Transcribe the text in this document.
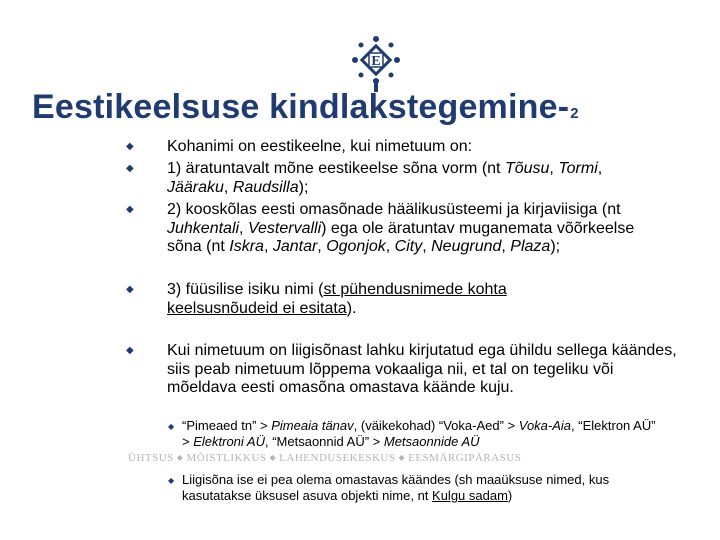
E
Eestikeelsuse kindlakstegemine-2
◆ Kohanimi on eestikeelne, kui nimetuum on:
◆ 1) äratuntavalt mõne eestikeelse sõna vorm (nt Tõusu, Tormi, Jääraku, Raudsilla);
◆ 2) kooskõlas eesti omasõnade häälikusüsteemi ja kirjaviisiga (nt Juhkentali, Vestervalli) ega ole äratuntav muganemata võõrkeelse sõna (nt Iskra, Jantar, Ogonjok, City, Neugrund, Plaza);
◆ 3) füüsilise isiku nimi (st pühendusnimede kohta keelsusnõudeid ei esitata).
◆ Kui nimetuum on liigisõnast lahku kirjutatud ega ühildu sellega käändes, siis peab nimetuum lõppema vokaaliga nii, et tal on tegeliku või mõeldava eesti omasõna omastava käände kuju.
ÜHTSUS ◆ MÕISTLIKKUS ◆ LAHENDUSEKESKUS ◆ EESMÄRGIPÄRASUS
◆ “Pimeaed tn” > Pimeaia tänav, (väikekohad) “Voka-Aed” > Voka-Aia, “Elektron AÜ” > Elektroni AÜ, “Metsaonnid AÜ” > Metsaonnide AÜ
◆ Liigisõna ise ei pea olema omastavas käändes (sh maaüksuse nimed, kus kasutatakse üksusel asuva objekti nime, nt Kulgu sadam)
